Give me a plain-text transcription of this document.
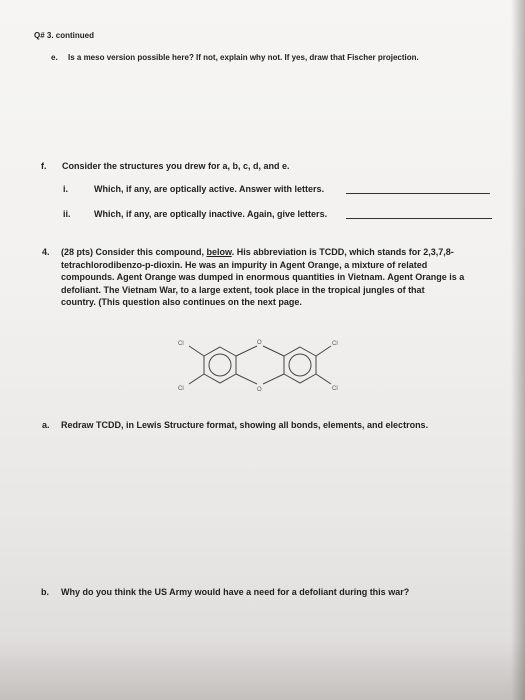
Q# 3. continued
e. Is a meso version possible here? If not, explain why not. If yes, draw that Fischer projection.
f. Consider the structures you drew for a, b, c, d, and e.
i.	Which, if any, are optically active. Answer with letters.
ii.	Which, if any, are optically inactive. Again, give letters.
4. (28 pts) Consider this compound, below. His abbreviation is TCDD, which stands for 2,3,7,8-
tetrachlorodibenzo-p-dioxin. He was an impurity in Agent Orange, a mixture of related
compounds. Agent Orange was dumped in enormous quantities in Vietnam. Agent Orange is a
defoliant. The Vietnam War, to a large extent, took place in the tropical jungles of that
country. (This question also continues on the next page.
Cl
Cl
Cl
Cl
O
O
a. Redraw TCDD, in Lewis Structure format, showing all bonds, elements, and electrons.
b. Why do you think the US Army would have a need for a defoliant during this war?
